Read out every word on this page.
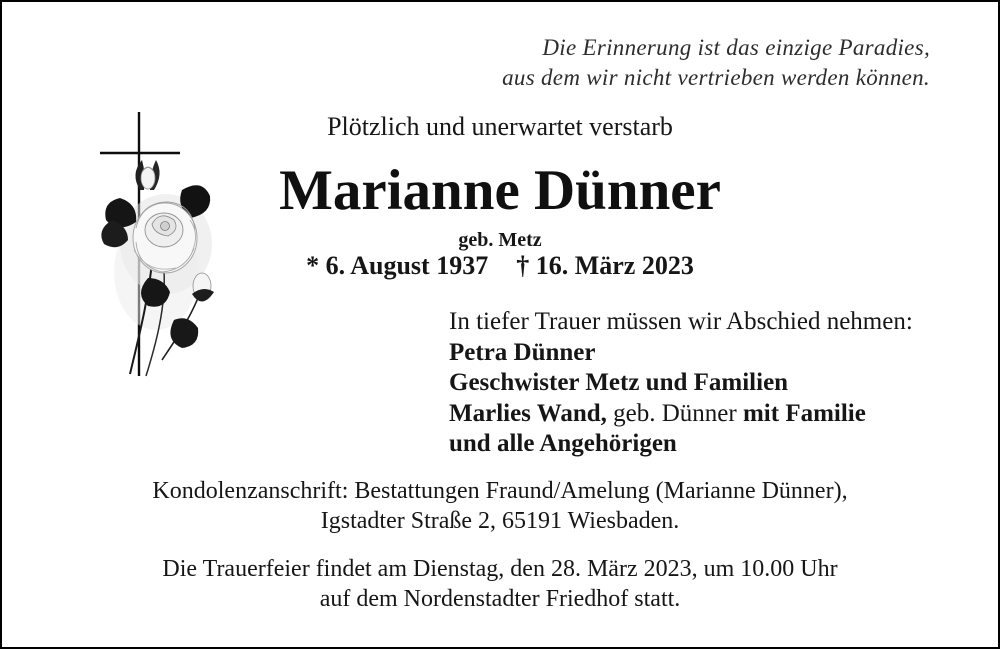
Die Erinnerung ist das einzige Paradies,
aus dem wir nicht vertrieben werden können.
Plötzlich und unerwartet verstarb
Marianne Dünner
geb. Metz
* 6. August 1937 † 16. März 2023
In tiefer Trauer müssen wir Abschied nehmen:
Petra Dünner
Geschwister Metz und Familien
Marlies Wand, geb. Dünner mit Familie
und alle Angehörigen
Kondolenzanschrift: Bestattungen Fraund/Amelung (Marianne Dünner),
Igstadter Straße 2, 65191 Wiesbaden.
Die Trauerfeier findet am Dienstag, den 28. März 2023, um 10.00 Uhr
auf dem Nordenstadter Friedhof statt.
